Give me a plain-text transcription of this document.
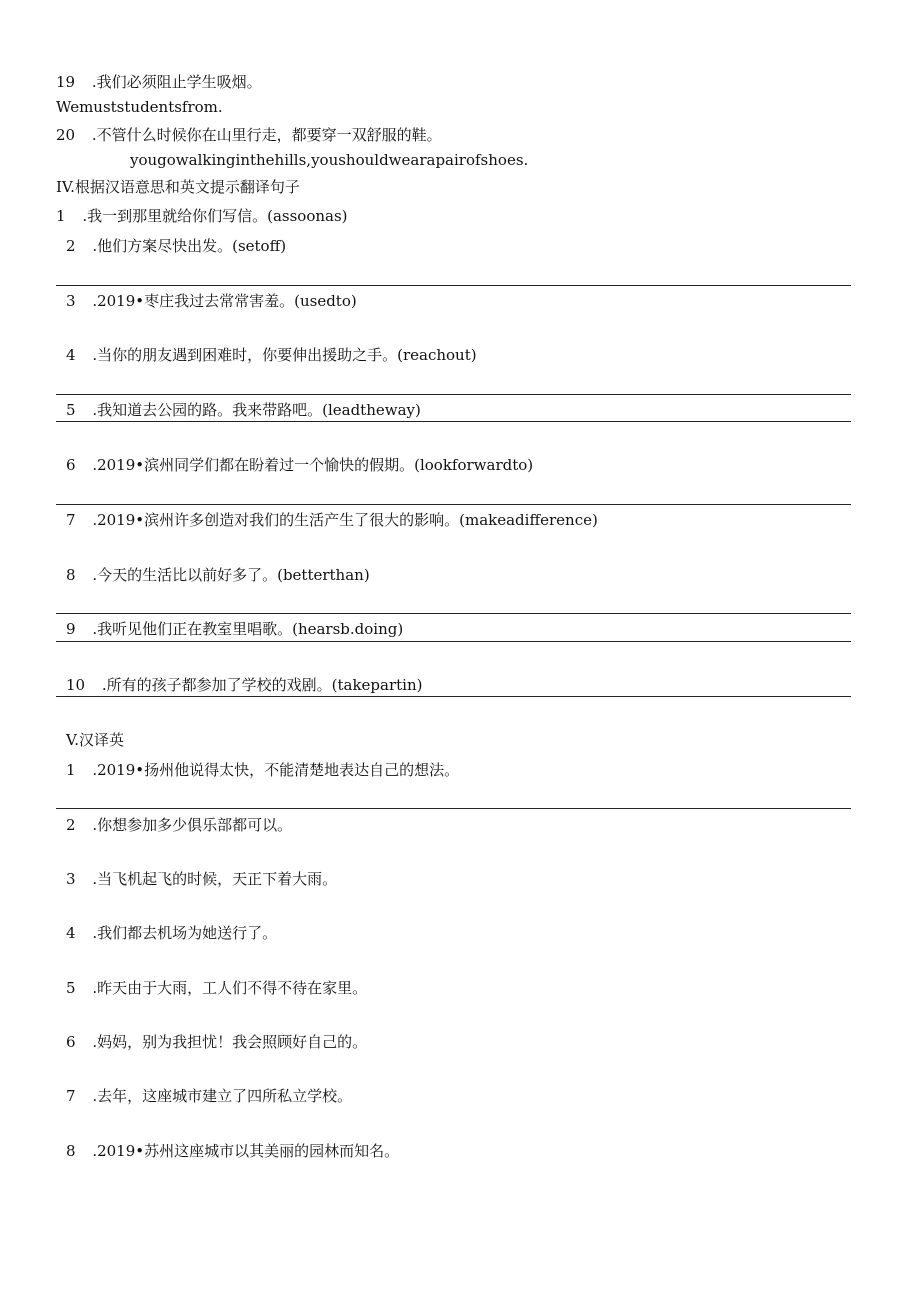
19 .我们必须阻止学生吸烟。
Wemuststudentsfrom.
20 .不管什么时候你在山里行走，都要穿一双舒服的鞋。
yougowalkinginthehills,youshouldwearapairofshoes.
IV.根据汉语意思和英文提示翻译句子
1 .我一到那里就给你们写信。(assoonas)
2 .他们方案尽快出发。(setoff)
3 .2019•枣庄我过去常常害羞。(usedto)
4 .当你的朋友遇到困难时，你要伸出援助之手。(reachout)
5 .我知道去公园的路。我来带路吧。(leadtheway)
6 .2019•滨州同学们都在盼着过一个愉快的假期。(lookforwardto)
7 .2019•滨州许多创造对我们的生活产生了很大的影响。(makeadifference)
8 .今天的生活比以前好多了。(betterthan)
9 .我听见他们正在教室里唱歌。(hearsb.doing)
10 .所有的孩子都参加了学校的戏剧。(takepartin)
V.汉译英
1 .2019•扬州他说得太快，不能清楚地表达自己的想法。
2 .你想参加多少俱乐部都可以。
3 .当飞机起飞的时候，天正下着大雨。
4 .我们都去机场为她送行了。
5 .昨天由于大雨，工人们不得不待在家里。
6 .妈妈，别为我担忧！我会照顾好自己的。
7 .去年，这座城市建立了四所私立学校。
8 .2019•苏州这座城市以其美丽的园林而知名。
